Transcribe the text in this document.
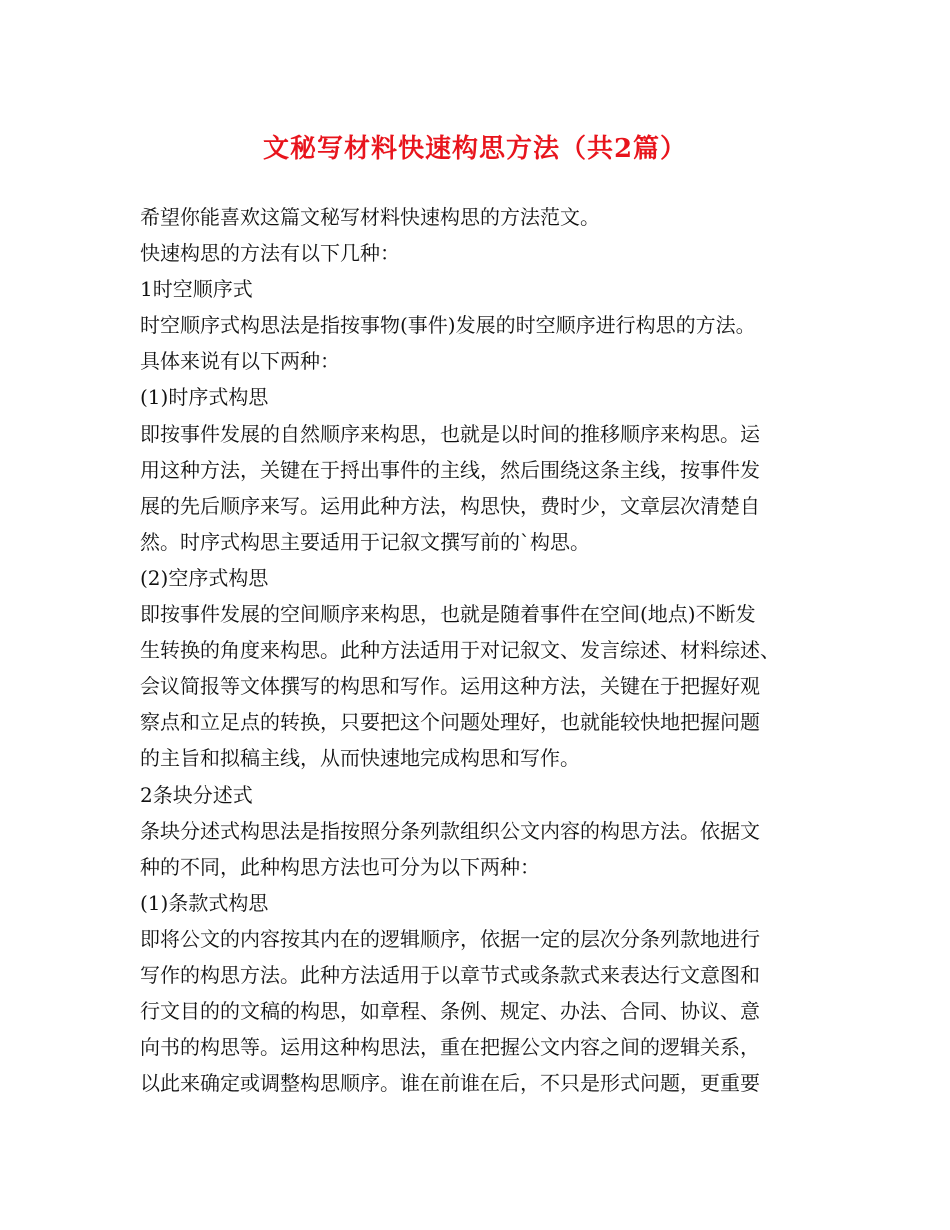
文秘写材料快速构思方法（共2篇）
希望你能喜欢这篇文秘写材料快速构思的方法范文。
快速构思的方法有以下几种：
1时空顺序式
时空顺序式构思法是指按事物(事件)发展的时空顺序进行构思的方法。
具体来说有以下两种：
(1)时序式构思
即按事件发展的自然顺序来构思，也就是以时间的推移顺序来构思。运
用这种方法，关键在于捋出事件的主线，然后围绕这条主线，按事件发
展的先后顺序来写。运用此种方法，构思快，费时少，文章层次清楚自
然。时序式构思主要适用于记叙文撰写前的`构思。
(2)空序式构思
即按事件发展的空间顺序来构思，也就是随着事件在空间(地点)不断发
生转换的角度来构思。此种方法适用于对记叙文、发言综述、材料综述、
会议简报等文体撰写的构思和写作。运用这种方法，关键在于把握好观
察点和立足点的转换，只要把这个问题处理好，也就能较快地把握问题
的主旨和拟稿主线，从而快速地完成构思和写作。
2条块分述式
条块分述式构思法是指按照分条列款组织公文内容的构思方法。依据文
种的不同，此种构思方法也可分为以下两种：
(1)条款式构思
即将公文的内容按其内在的逻辑顺序，依据一定的层次分条列款地进行
写作的构思方法。此种方法适用于以章节式或条款式来表达行文意图和
行文目的的文稿的构思，如章程、条例、规定、办法、合同、协议、意
向书的构思等。运用这种构思法，重在把握公文内容之间的逻辑关系，
以此来确定或调整构思顺序。谁在前谁在后，不只是形式问题，更重要
